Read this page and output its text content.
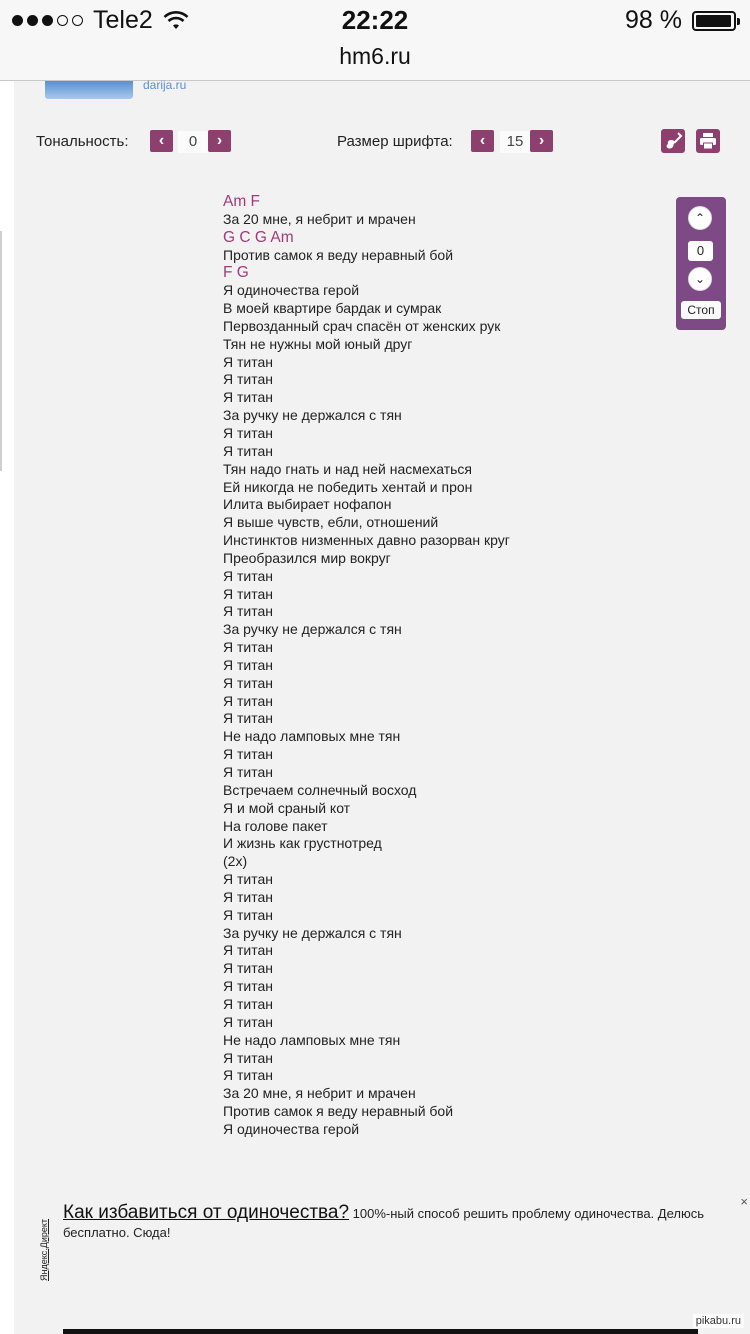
Tele2	22:22	98 %
hm6.ru
darija.ru
Тональность:	‹	0	›	Размер шрифта:	‹	15 ›
Am F
За 20 мне, я небрит и мрачен
G C G Am
Против самок я веду неравный бой
F G
Я одиночества герой
В моей квартире бардак и сумрак
Первозданный срач спасён от женских рук
Тян не нужны мой юный друг
Я титан
Я титан
Я титан
За ручку не держался с тян
Я титан
Я титан
Тян надо гнать и над ней насмехаться
Ей никогда не победить хентай и прон
Илита выбирает нофапон
Я выше чувств, ебли, отношений
Инстинктов низменных давно разорван круг
Преобразился мир вокруг
Я титан
Я титан
Я титан
За ручку не держался с тян
Я титан
Я титан
Я титан
Я титан
Я титан
Не надо ламповых мне тян
Я титан
Я титан
Встречаем солнечный восход
Я и мой сраный кот
На голове пакет
И жизнь как грустнотред
(2x)
Я титан
Я титан
Я титан
За ручку не держался с тян
Я титан
Я титан
Я титан
Я титан
Я титан
Не надо ламповых мне тян
Я титан
Я титан
За 20 мне, я небрит и мрачен
Против самок я веду неравный бой
Я одиночества герой
⌃
0
⌄
Стоп
Яндекс.Директ
Как избавиться от одиночества? 100%-ный способ решить проблему одиночества. Делюсь бесплатно. Сюда!
×
pikabu.ru
